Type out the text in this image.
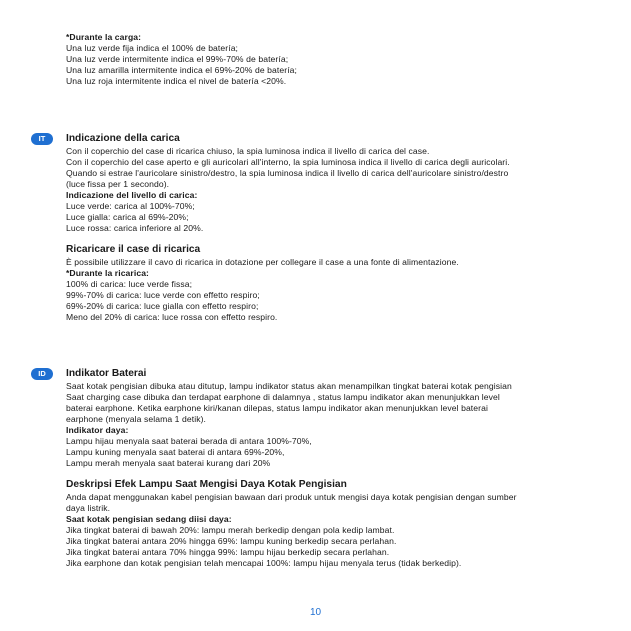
*Durante la carga:
Una luz verde fija indica el 100% de batería;
Una luz verde intermitente indica el 99%-70% de batería;
Una luz amarilla intermitente indica el 69%-20% de batería;
Una luz roja intermitente indica el nivel de batería <20%.
IT	Indicazione della carica
Con il coperchio del case di ricarica chiuso, la spia luminosa indica il livello di carica del case.
Con il coperchio del case aperto e gli auricolari all'interno, la spia luminosa indica il livello di carica degli auricolari.
Quando si estrae l'auricolare sinistro/destro, la spia luminosa indica il livello di carica dell'auricolare sinistro/destro
(luce fissa per 1 secondo).
Indicazione del livello di carica:
Luce verde: carica al 100%-70%;
Luce gialla: carica al 69%-20%;
Luce rossa: carica inferiore al 20%.
Ricaricare il case di ricarica
È possibile utilizzare il cavo di ricarica in dotazione per collegare il case a una fonte di alimentazione.
*Durante la ricarica:
100% di carica: luce verde fissa;
99%-70% di carica: luce verde con effetto respiro;
69%-20% di carica: luce gialla con effetto respiro;
Meno del 20% di carica: luce rossa con effetto respiro.
ID	Indikator Baterai
Saat kotak pengisian dibuka atau ditutup, lampu indikator status akan menampilkan tingkat baterai kotak pengisian
Saat charging case dibuka dan terdapat earphone di dalamnya , status lampu indikator akan menunjukkan level
baterai earphone. Ketika earphone kiri/kanan dilepas, status lampu indikator akan menunjukkan level baterai
earphone (menyala selama 1 detik).
Indikator daya:
Lampu hijau menyala saat baterai berada di antara 100%-70%,
Lampu kuning menyala saat baterai di antara 69%-20%,
Lampu merah menyala saat baterai kurang dari 20%
Deskripsi Efek Lampu Saat Mengisi Daya Kotak Pengisian
Anda dapat menggunakan kabel pengisian bawaan dari produk untuk mengisi daya kotak pengisian dengan sumber
daya listrik.
Saat kotak pengisian sedang diisi daya:
Jika tingkat baterai di bawah 20%: lampu merah berkedip dengan pola kedip lambat.
Jika tingkat baterai antara 20% hingga 69%: lampu kuning berkedip secara perlahan.
Jika tingkat baterai antara 70% hingga 99%: lampu hijau berkedip secara perlahan.
Jika earphone dan kotak pengisian telah mencapai 100%: lampu hijau menyala terus (tidak berkedip).
10
